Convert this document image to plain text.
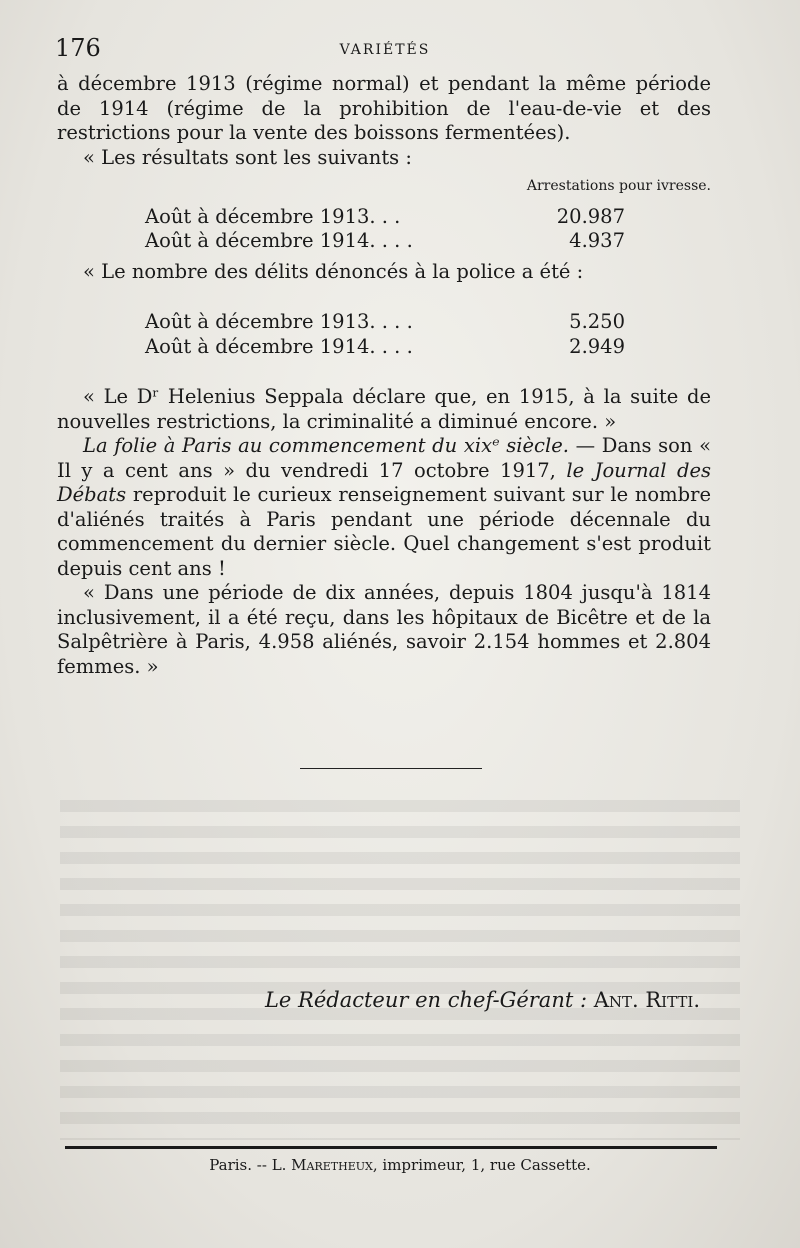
176	VARIÉTÉS

à décembre 1913 (régime normal) et pendant la même période de 1914 (régime de la prohibition de l'eau-de-vie et des restrictions pour la vente des boissons fermentées).

« Les résultats sont les suivants :

Arrestations pour ivresse.
Août à décembre 1913. . .	20.987
Août à décembre 1914. . . .	4.937

« Le nombre des délits dénoncés à la police a été :

Août à décembre 1913. . . .	5.250
Août à décembre 1914. . . .	2.949

« Le Dʳ Helenius Seppala déclare que, en 1915, à la suite de nouvelles restrictions, la criminalité a diminué encore. »

La folie à Paris au commencement du xixᵉ siècle. — Dans son « Il y a cent ans » du vendredi 17 octobre 1917, le Journal des Débats reproduit le curieux renseignement suivant sur le nombre d'aliénés traités à Paris pendant une période décennale du commencement du dernier siècle. Quel changement s'est produit depuis cent ans !

« Dans une période de dix années, depuis 1804 jusqu'à 1814 inclusivement, il a été reçu, dans les hôpitaux de Bicêtre et de la Salpêtrière à Paris, 4.958 aliénés, savoir 2.154 hommes et 2.804 femmes. »

Le Rédacteur en chef-Gérant : Ant. Ritti.
Paris. -- L. Maretheux, imprimeur, 1, rue Cassette.
